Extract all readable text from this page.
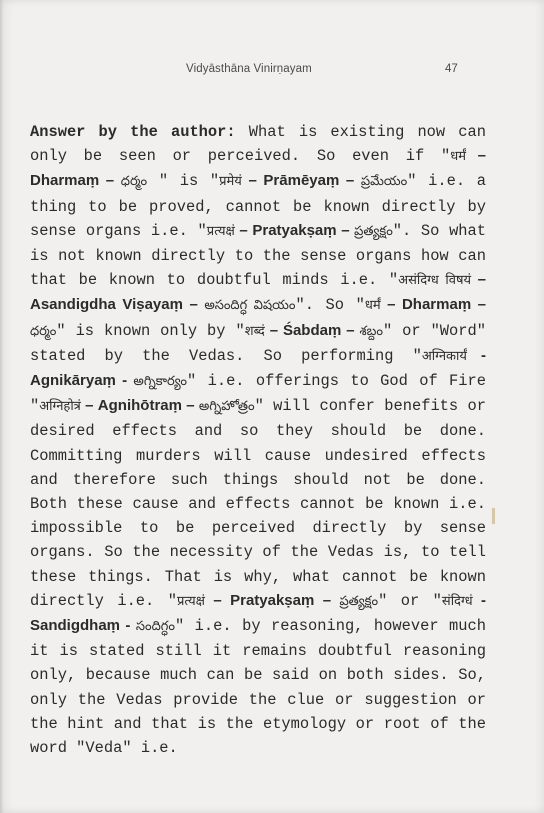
Vidyāsthāna Vinirṇayam	47
Answer by the author: What is existing now can only be seen or perceived. So even if "धर्मं – Dharmaṃ – ధర్మం " is "प्रमेयं – Prāmēyaṃ – ప్రమేయం" i.e. a thing to be proved, cannot be known directly by sense organs i.e. "प्रत्यक्षं – Pratyakṣaṃ – ప్రత్యక్షం". So what is not known directly to the sense organs how can that be known to doubtful minds i.e. "असंदिग्ध विषयं – Asandigdha Viṣayaṃ – అసందిగ్ధ విషయం". So "धर्मं – Dharmaṃ – ధర్మం" is known only by "शब्दं – Śabdaṃ – శబ్దం" or "Word" stated by the Vedas. So performing "अग्निकार्यं - Agnikāryaṃ - అగ్నికార్యం" i.e. offerings to God of Fire "अग्निहोत्रं – Agnihōtraṃ – అగ్నిహోత్రం" will confer benefits or desired effects and so they should be done. Committing murders will cause undesired effects and therefore such things should not be done. Both these cause and effects cannot be known i.e. impossible to be perceived directly by sense organs. So the necessity of the Vedas is, to tell these things. That is why, what cannot be known directly i.e. "प्रत्यक्षं – Pratyakṣaṃ – ప్రత్యక్షం" or "संदिग्धं - Sandigdhaṃ - సందిగ్ధం" i.e. by reasoning, however much it is stated still it remains doubtful reasoning only, because much can be said on both sides. So, only the Vedas provide the clue or suggestion or the hint and that is the etymology or root of the word "Veda" i.e.
